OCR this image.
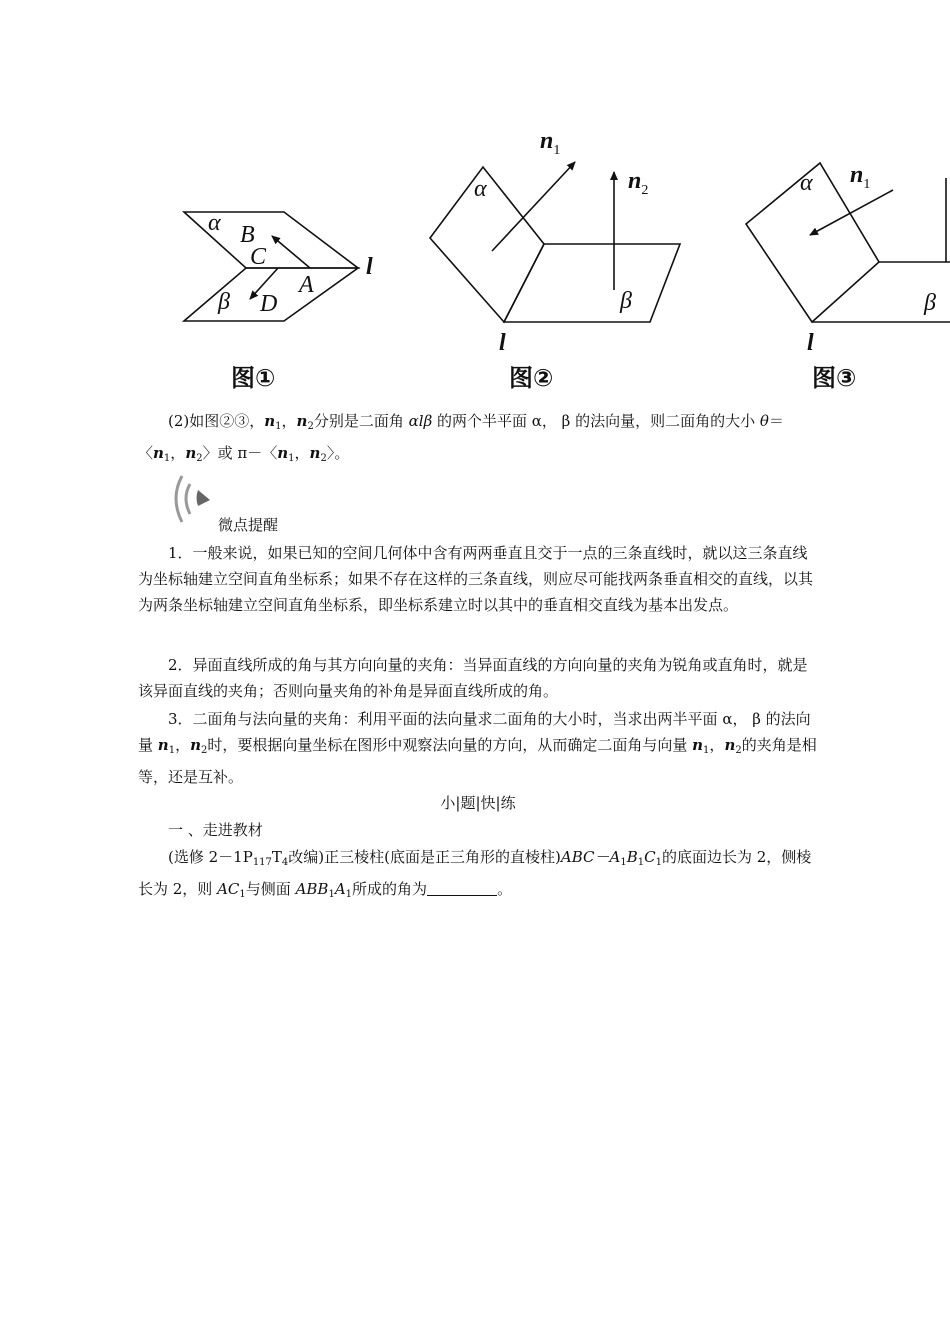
α B
C
A
β D
l
$n_1$
$n_2$
α
β
l
α $n_1$
β
l
图①	图②	图③

(2)如图②③，$n_1$，$n_2$分别是二面角 αlβ 的两个半平面 α， β 的法向量，则二面角的大小 θ＝〈$n_1$，$n_2$〉或 π－〈$n_1$，$n_2$〉。

微点提醒

1．一般来说，如果已知的空间几何体中含有两两垂直且交于一点的三条直线时，就以这三条直线为坐标轴建立空间直角坐标系；如果不存在这样的三条直线，则应尽可能找两条垂直相交的直线，以其为两条坐标轴建立空间直角坐标系，即坐标系建立时以其中的垂直相交直线为基本出发点。

2．异面直线所成的角与其方向向量的夹角：当异面直线的方向向量的夹角为锐角或直角时，就是该异面直线的夹角；否则向量夹角的补角是异面直线所成的角。

3．二面角与法向量的夹角：利用平面的法向量求二面角的大小时，当求出两半平面 α， β 的法向量 $n_1$，$n_2$时，要根据向量坐标在图形中观察法向量的方向，从而确定二面角与向量 $n_1$，$n_2$的夹角是相等，还是互补。

小|题|快|练
一 、走进教材

(选修 $2-1P_{117}T_4$改编)正三棱柱(底面是正三角形的直棱柱)$ABC-A_1B_1C_1$的底面边长为 2，侧棱长为 2，则 $AC_1$与侧面 $ABB_1A_1$所成的角为	。
